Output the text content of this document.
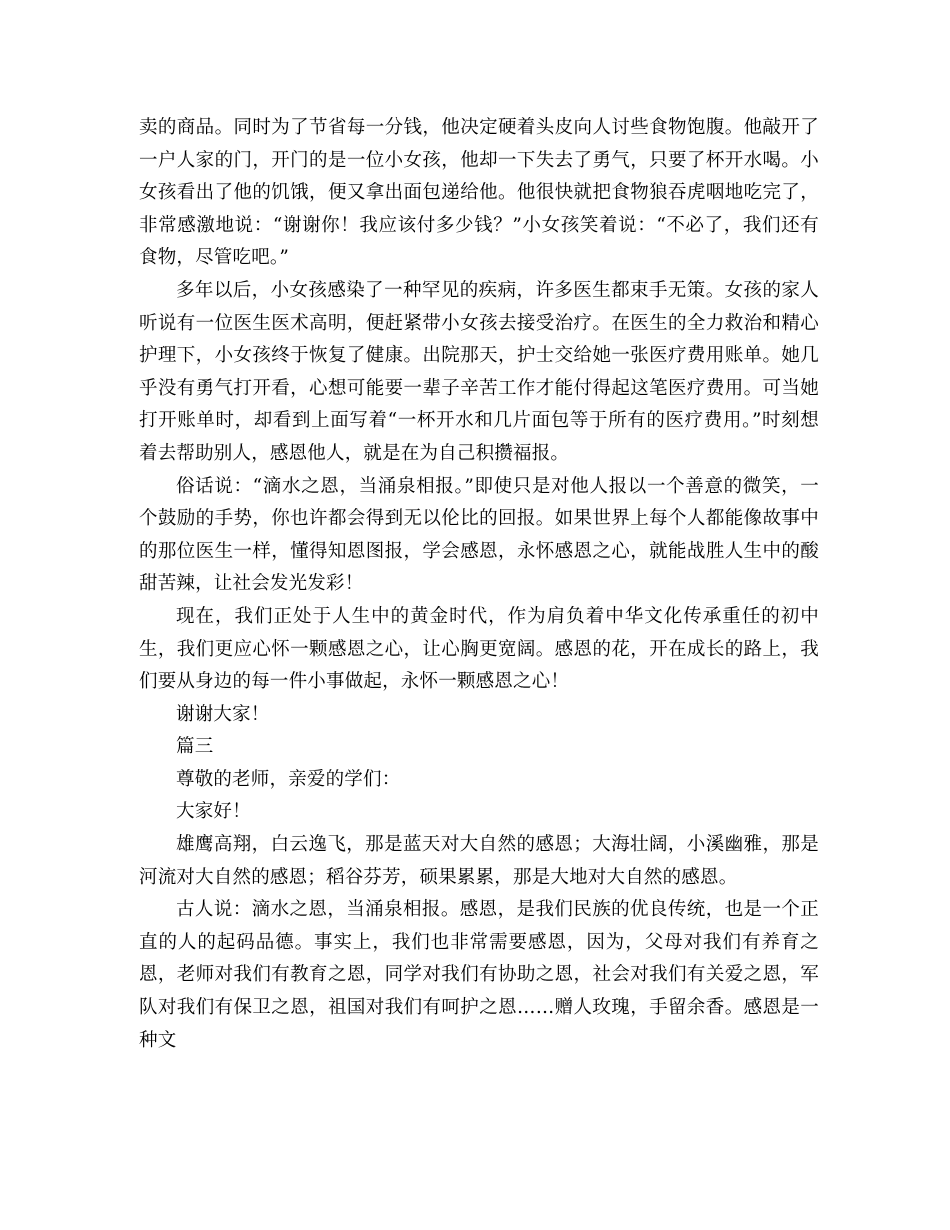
卖的商品。同时为了节省每一分钱，他决定硬着头皮向人讨些食物饱腹。他敲开了一户人家的门，开门的是一位小女孩，他却一下失去了勇气，只要了杯开水喝。小女孩看出了他的饥饿，便又拿出面包递给他。他很快就把食物狼吞虎咽地吃完了，非常感激地说：“谢谢你！我应该付多少钱？”小女孩笑着说：“不必了，我们还有食物，尽管吃吧。”

多年以后，小女孩感染了一种罕见的疾病，许多医生都束手无策。女孩的家人听说有一位医生医术高明，便赶紧带小女孩去接受治疗。在医生的全力救治和精心护理下，小女孩终于恢复了健康。出院那天，护士交给她一张医疗费用账单。她几乎没有勇气打开看，心想可能要一辈子辛苦工作才能付得起这笔医疗费用。可当她打开账单时，却看到上面写着“一杯开水和几片面包等于所有的医疗费用。”时刻想着去帮助别人，感恩他人，就是在为自己积攒福报。

俗话说：“滴水之恩，当涌泉相报。”即使只是对他人报以一个善意的微笑，一个鼓励的手势，你也许都会得到无以伦比的回报。如果世界上每个人都能像故事中的那位医生一样，懂得知恩图报，学会感恩，永怀感恩之心，就能战胜人生中的酸甜苦辣，让社会发光发彩！

现在，我们正处于人生中的黄金时代，作为肩负着中华文化传承重任的初中生，我们更应心怀一颗感恩之心，让心胸更宽阔。感恩的花，开在成长的路上，我们要从身边的每一件小事做起，永怀一颗感恩之心！

谢谢大家！

篇三

尊敬的老师，亲爱的学们：

大家好！

雄鹰高翔，白云逸飞，那是蓝天对大自然的感恩；大海壮阔，小溪幽雅，那是河流对大自然的感恩；稻谷芬芳，硕果累累，那是大地对大自然的感恩。

古人说：滴水之恩，当涌泉相报。感恩，是我们民族的优良传统，也是一个正直的人的起码品德。事实上，我们也非常需要感恩，因为，父母对我们有养育之恩，老师对我们有教育之恩，同学对我们有协助之恩，社会对我们有关爱之恩，军队对我们有保卫之恩，祖国对我们有呵护之恩……赠人玫瑰，手留余香。感恩是一种文
